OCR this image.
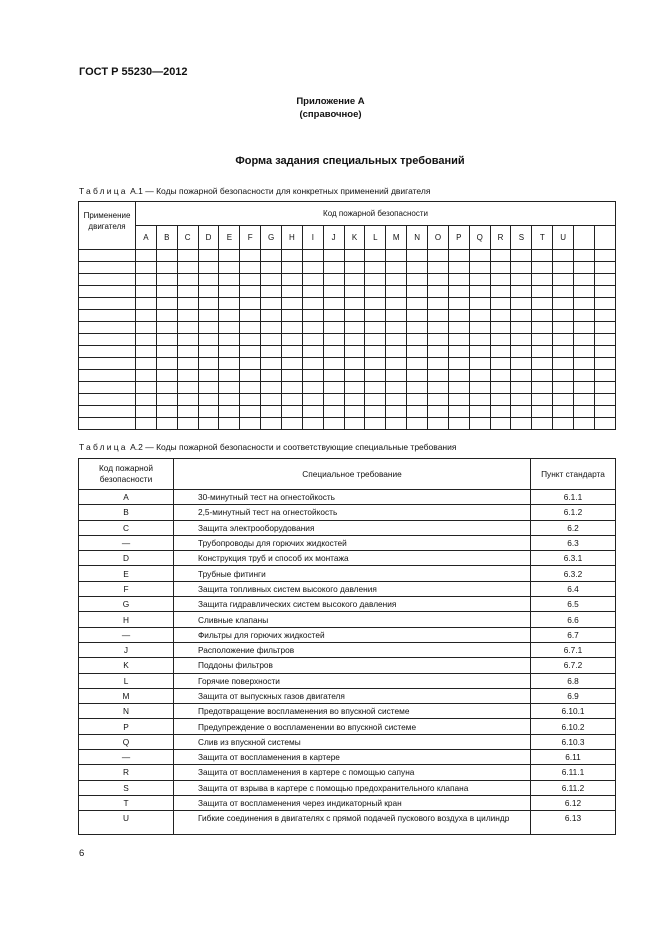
ГОСТ Р 55230—2012
Приложение А
(справочное)
Форма задания специальных требований
Таблица А.1 — Коды пожарной безопасности для конкретных применений двигателя
Применение двигателя	Код пожарной безопасности																						
	A	B	C	D	E	F	G	H	I	J	K	L	M	N	O	P	Q	R	S	T	U		

Таблица А.2 — Коды пожарной безопасности и соответствующие специальные требования
Код пожарной безопасности	Специальное требование	Пункт стандарта
A	30-минутный тест на огнестойкость	6.1.1
B	2,5-минутный тест на огнестойкость	6.1.2
C	Защита электрооборудования	6.2
—	Трубопроводы для горючих жидкостей	6.3
D	Конструкция труб и способ их монтажа	6.3.1
E	Трубные фитинги	6.3.2
F	Защита топливных систем высокого давления	6.4
G	Защита гидравлических систем высокого давления	6.5
H	Сливные клапаны	6.6
—	Фильтры для горючих жидкостей	6.7
J	Расположение фильтров	6.7.1
K	Поддоны фильтров	6.7.2
L	Горячие поверхности	6.8
M	Защита от выпускных газов двигателя	6.9
N	Предотвращение воспламенения во впускной системе	6.10.1
P	Предупреждение о воспламенении во впускной системе	6.10.2
Q	Слив из впускной системы	6.10.3
—	Защита от воспламенения в картере	6.11
R	Защита от воспламенения в картере с помощью сапуна	6.11.1
S	Защита от взрыва в картере с помощью предохранительного клапана	6.11.2
T	Защита от воспламенения через индикаторный кран	6.12
U	Гибкие соединения в двигателях с прямой подачей пускового воздуха в цилиндр	6.13
6
